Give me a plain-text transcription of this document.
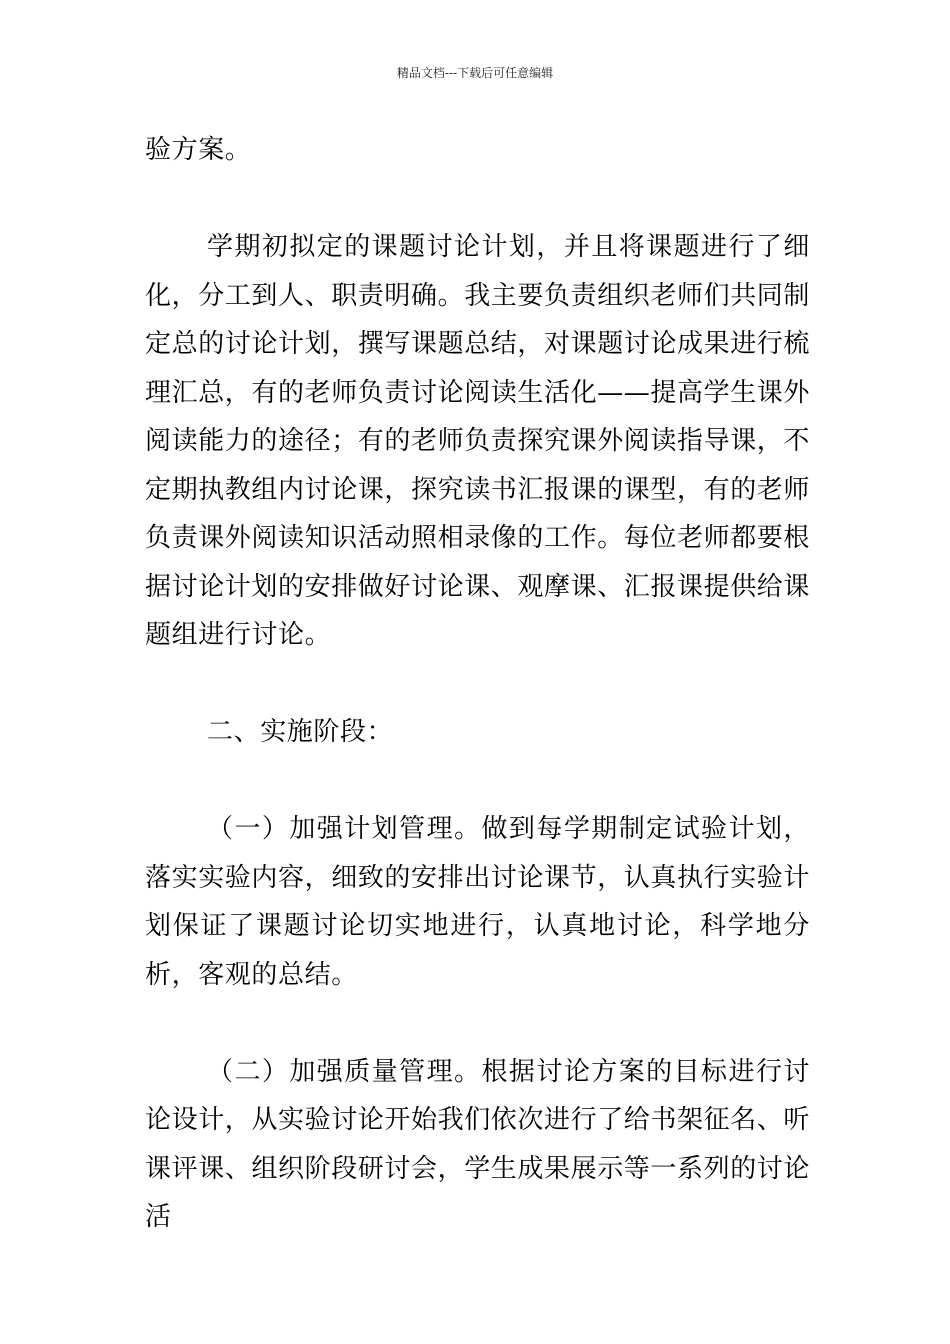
精品文档---下载后可任意编辑

验方案。

学期初拟定的课题讨论计划，并且将课题进行了细化，分工到人、职责明确。我主要负责组织老师们共同制定总的讨论计划，撰写课题总结，对课题讨论成果进行梳理汇总，有的老师负责讨论阅读生活化——提高学生课外阅读能力的途径；有的老师负责探究课外阅读指导课，不定期执教组内讨论课，探究读书汇报课的课型，有的老师负责课外阅读知识活动照相录像的工作。每位老师都要根据讨论计划的安排做好讨论课、观摩课、汇报课提供给课题组进行讨论。

二、实施阶段：

（一）加强计划管理。做到每学期制定试验计划，落实实验内容，细致的安排出讨论课节，认真执行实验计划保证了课题讨论切实地进行，认真地讨论，科学地分析，客观的总结。

（二）加强质量管理。根据讨论方案的目标进行讨论设计，从实验讨论开始我们依次进行了给书架征名、听课评课、组织阶段研讨会，学生成果展示等一系列的讨论活
